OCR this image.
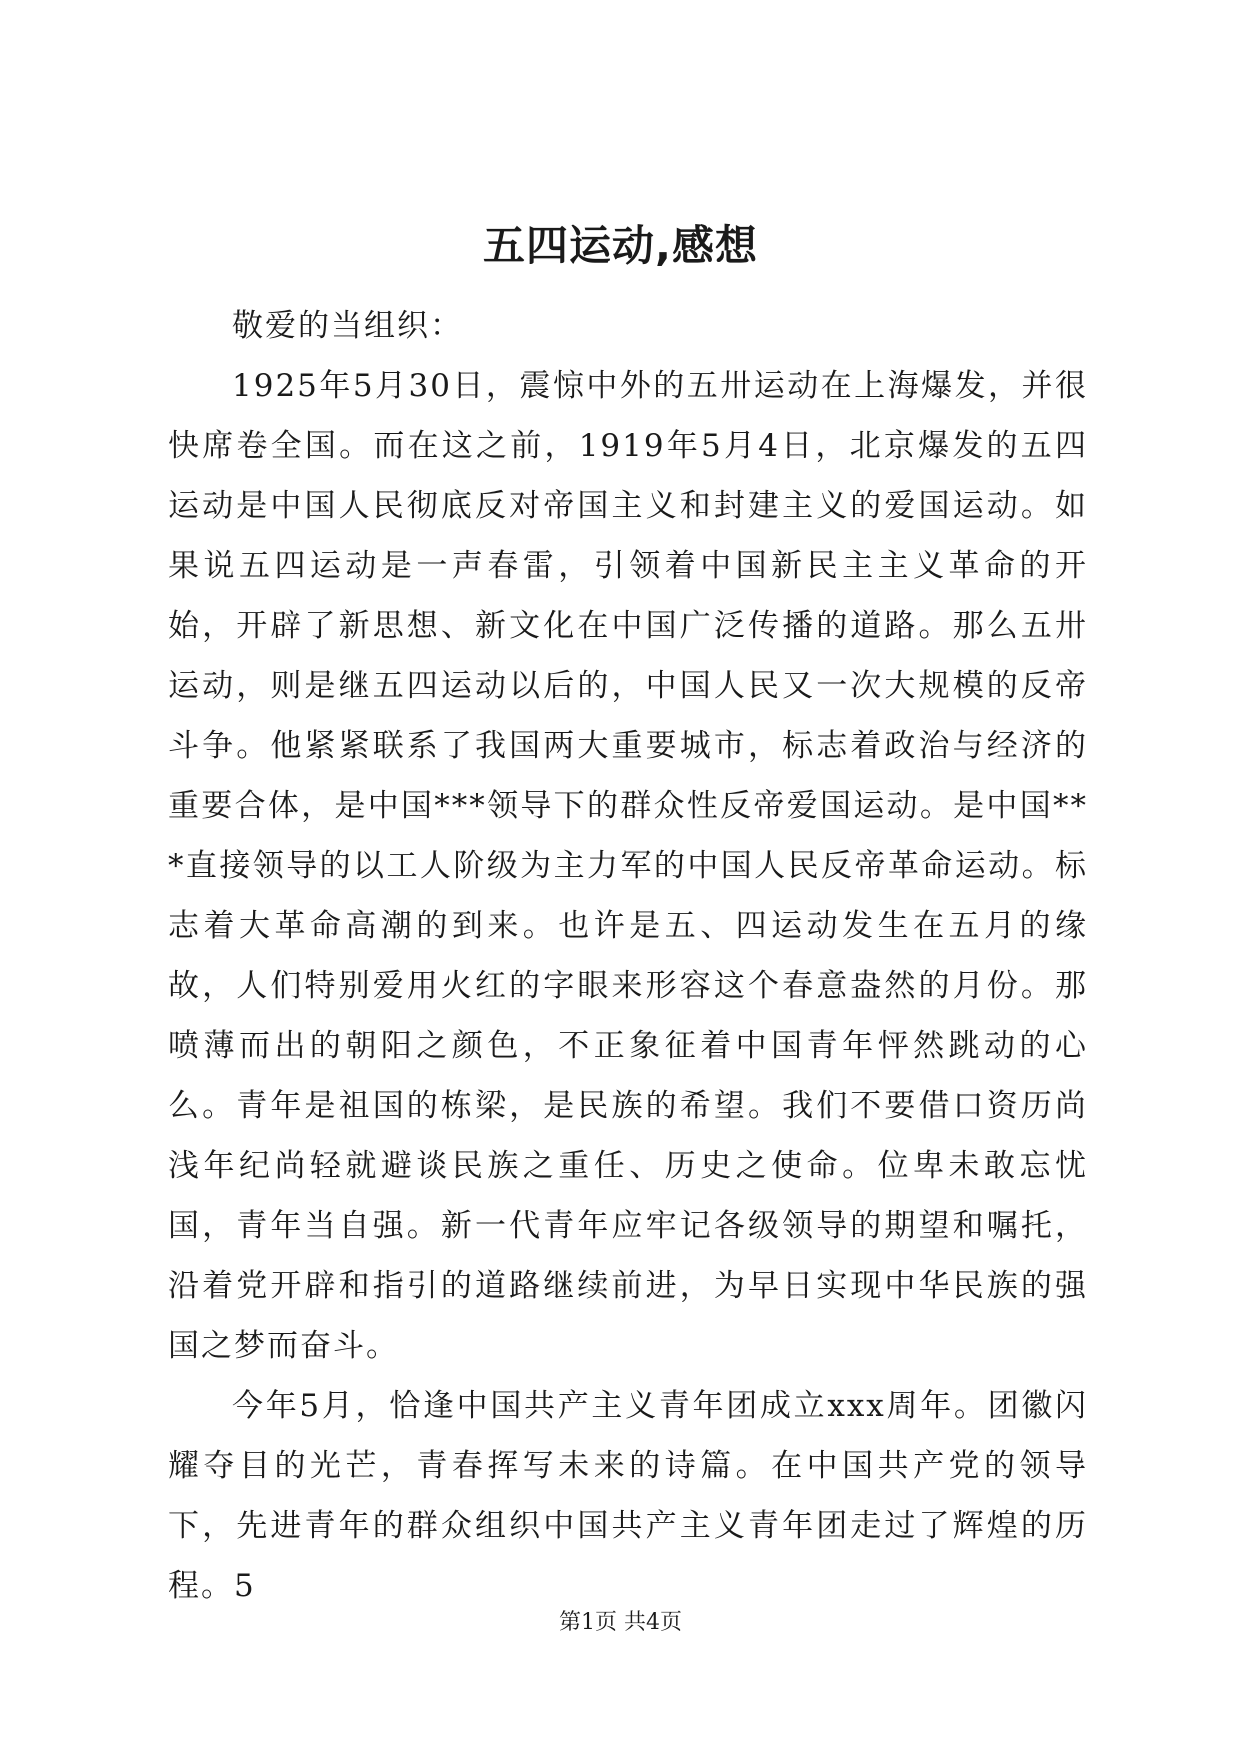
五四运动,感想

敬爱的当组织：

1925年5月30日，震惊中外的五卅运动在上海爆发，并很快席卷全国。而在这之前，1919年5月4日，北京爆发的五四运动是中国人民彻底反对帝国主义和封建主义的爱国运动。如果说五四运动是一声春雷，引领着中国新民主主义革命的开始，开辟了新思想、新文化在中国广泛传播的道路。那么五卅运动，则是继五四运动以后的，中国人民又一次大规模的反帝斗争。他紧紧联系了我国两大重要城市，标志着政治与经济的重要合体，是中国***领导下的群众性反帝爱国运动。是中国***直接领导的以工人阶级为主力军的中国人民反帝革命运动。标志着大革命高潮的到来。也许是五、四运动发生在五月的缘故，人们特别爱用火红的字眼来形容这个春意盎然的月份。那喷薄而出的朝阳之颜色，不正象征着中国青年怦然跳动的心么。青年是祖国的栋梁，是民族的希望。我们不要借口资历尚浅年纪尚轻就避谈民族之重任、历史之使命。位卑未敢忘忧国，青年当自强。新一代青年应牢记各级领导的期望和嘱托，沿着党开辟和指引的道路继续前进，为早日实现中华民族的强国之梦而奋斗。

今年5月，恰逢中国共产主义青年团成立xxx周年。团徽闪耀夺目的光芒，青春挥写未来的诗篇。在中国共产党的领导下，先进青年的群众组织中国共产主义青年团走过了辉煌的历程。5

第1页 共4页
